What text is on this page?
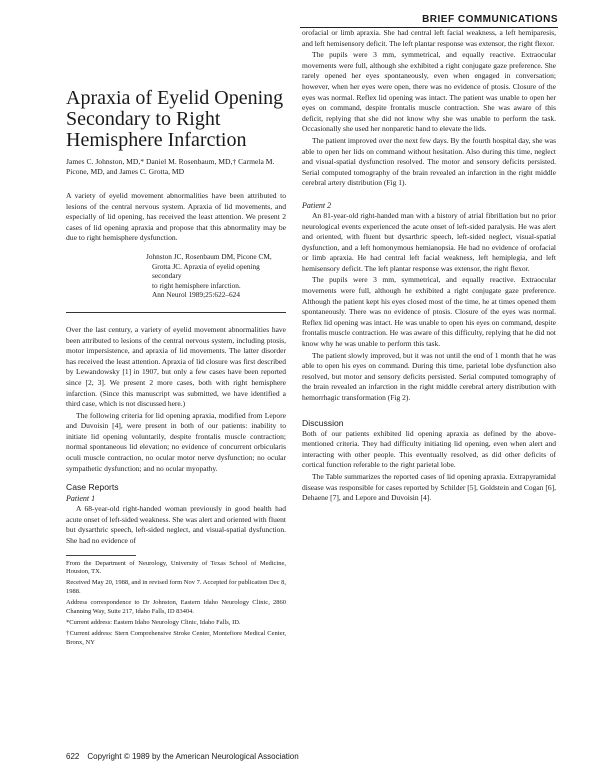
BRIEF COMMUNICATIONS
Apraxia of Eyelid Opening Secondary to Right Hemisphere Infarction
James C. Johnston, MD,* Daniel M. Rosenbaum, MD,† Carmela M. Picone, MD, and James C. Grotta, MD
A variety of eyelid movement abnormalities have been attributed to lesions of the central nervous system. Apraxia of lid movements, and especially of lid opening, has received the least attention. We present 2 cases of lid opening apraxia and propose that this abnormality may be due to right hemisphere dysfunction.
Johnston JC, Rosenbaum DM, Picone CM,
Grotta JC. Apraxia of eyelid opening secondary
to right hemisphere infarction.
Ann Neurol 1989;25:622–624

Over the last century, a variety of eyelid movement abnormalities have been attributed to lesions of the central nervous system, including ptosis, motor impersistence, and apraxia of lid movements. The latter disorder has received the least attention. Apraxia of lid closure was first described by Lewandowsky [1] in 1907, but only a few cases have been reported since [2, 3]. We present 2 more cases, both with right hemisphere infarction. (Since this manuscript was submitted, we have identified a third case, which is not discussed here.)

The following criteria for lid opening apraxia, modified from Lepore and Duvoisin [4], were present in both of our patients: inability to initiate lid opening voluntarily, despite frontalis muscle contraction; normal spontaneous lid elevation; no evidence of concurrent orbicularis oculi muscle contraction, no ocular motor nerve dysfunction; no ocular sympathetic dysfunction; and no ocular myopathy.

Case Reports
Patient 1

A 68-year-old right-handed woman previously in good health had acute onset of left-sided weakness. She was alert and oriented with fluent but dysarthric speech, left-sided neglect, and visual-spatial dysfunction. She had no evidence of

From the Department of Neurology, University of Texas School of Medicine, Houston, TX.

Received May 20, 1988, and in revised form Nov 7. Accepted for publication Dec 8, 1988.

Address correspondence to Dr Johnston, Eastern Idaho Neurology Clinic, 2860 Channing Way, Suite 217, Idaho Falls, ID 83404.

*Current address: Eastern Idaho Neurology Clinic, Idaho Falls, ID.

†Current address: Stern Comprehensive Stroke Center, Montefiore Medical Center, Bronx, NY

orofacial or limb apraxia. She had central left facial weakness, a left hemiparesis, and left hemisensory deficit. The left plantar response was extensor, the right flexor.

The pupils were 3 mm, symmetrical, and equally reactive. Extraocular movements were full, although she exhibited a right conjugate gaze preference. She rarely opened her eyes spontaneously, even when engaged in conversation; however, when her eyes were open, there was no evidence of ptosis. Closure of the eyes was normal. Reflex lid opening was intact. The patient was unable to open her eyes on command, despite frontalis muscle contraction. She was aware of this deficit, replying that she did not know why she was unable to perform the task. Occasionally she used her nonparetic hand to elevate the lids.

The patient improved over the next few days. By the fourth hospital day, she was able to open her lids on command without hesitation. Also during this time, neglect and visual-spatial dysfunction resolved. The motor and sensory deficits persisted. Serial computed tomography of the brain revealed an infarction in the right middle cerebral artery distribution (Fig 1).

Patient 2

An 81-year-old right-handed man with a history of atrial fibrillation but no prior neurological events experienced the acute onset of left-sided paralysis. He was alert and oriented, with fluent but dysarthric speech, left-sided neglect, visual-spatial dysfunction, and a left homonymous hemianopsia. He had no evidence of orofacial or limb apraxia. He had central left facial weakness, left hemiplegia, and left hemisensory deficit. The left plantar response was extensor, the right flexor.

The pupils were 3 mm, symmetrical, and equally reactive. Extraocular movements were full, although he exhibited a right conjugate gaze preference. Although the patient kept his eyes closed most of the time, he at times opened them spontaneously. There was no evidence of ptosis. Closure of the eyes was normal. Reflex lid opening was intact. He was unable to open his eyes on command, despite frontalis muscle contraction. He was aware of this difficulty, replying that he did not know why he was unable to perform this task.

The patient slowly improved, but it was not until the end of 1 month that he was able to open his eyes on command. During this time, parietal lobe dysfunction also resolved, but motor and sensory deficits persisted. Serial computed tomography of the brain revealed an infarction in the right middle cerebral artery distribution with hemorrhagic transformation (Fig 2).

Discussion

Both of our patients exhibited lid opening apraxia as defined by the above-mentioned criteria. They had difficulty initiating lid opening, even when alert and interacting with other people. This eventually resolved, as did other deficits of cortical function referable to the right parietal lobe.

The Table summarizes the reported cases of lid opening apraxia. Extrapyramidal disease was responsible for cases reported by Schilder [5], Goldstein and Cogan [6], Dehaene [7], and Lepore and Duvoisin [4].

622 Copyright © 1989 by the American Neurological Association
